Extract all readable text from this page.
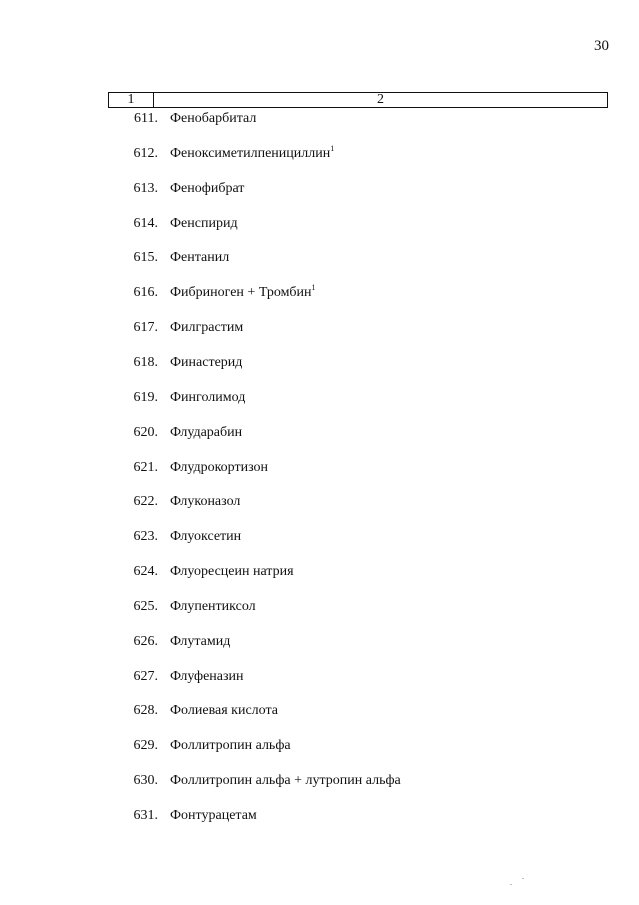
30
1	2
611. Фенобарбитал
612. Феноксиметилпенициллин$^1$
613. Фенофибрат
614. Фенспирид
615. Фентанил
616. Фибриноген + Тромбин$^1$
617. Филграстим
618. Финастерид
619. Финголимод
620. Флударабин
621. Флудрокортизон
622. Флуконазол
623. Флуоксетин
624. Флуоресцеин натрия
625. Флупентиксол
626. Флутамид
627. Флуфеназин
628. Фолиевая кислота
629. Фоллитропин альфа
630. Фоллитропин альфа + лутропин альфа
631. Фонтурацетам
